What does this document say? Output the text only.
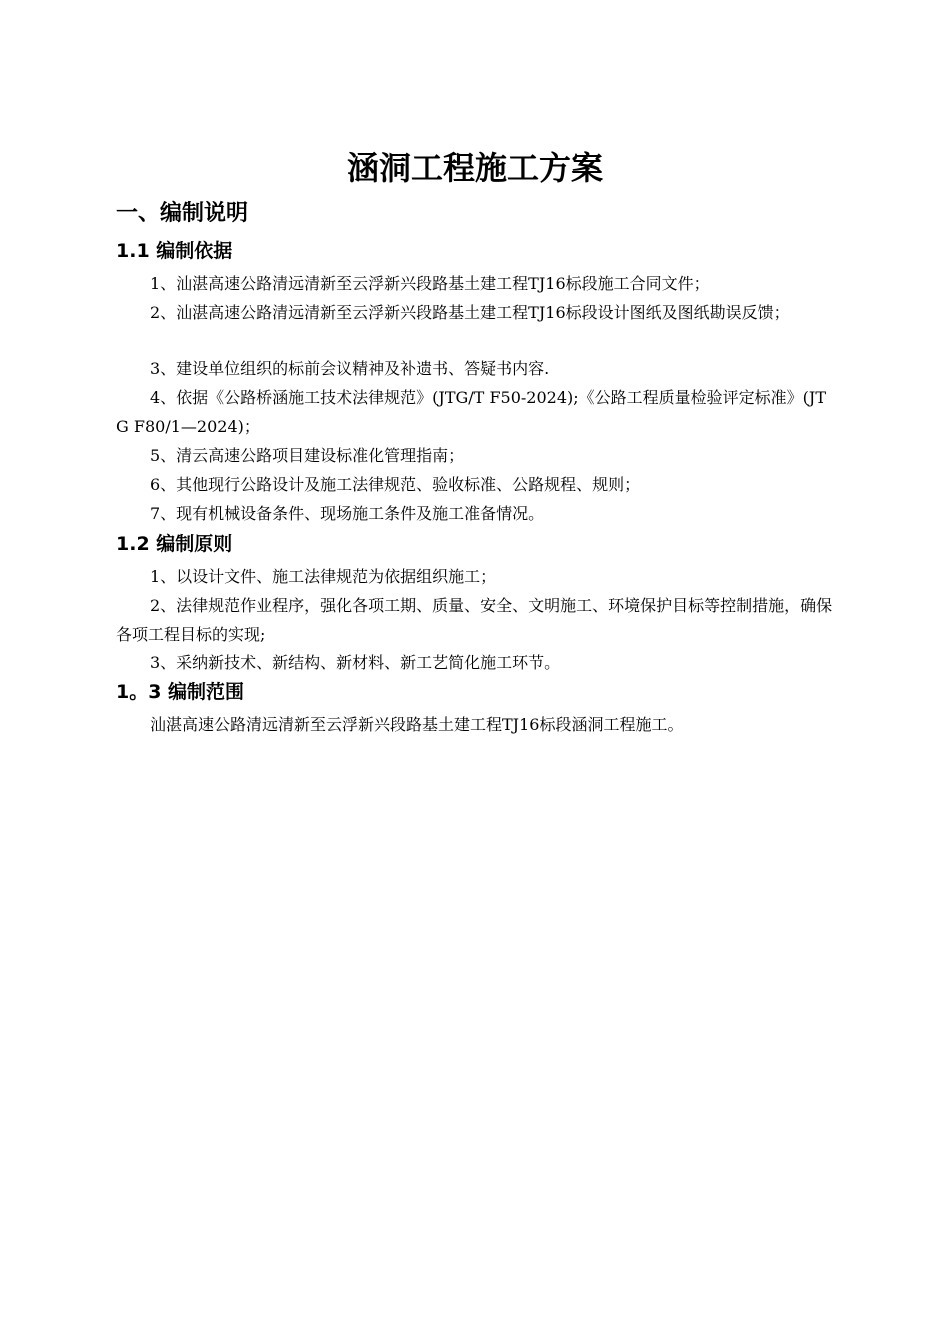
涵洞工程施工方案
一、编制说明
1.1 编制依据

1、汕湛高速公路清远清新至云浮新兴段路基土建工程TJ16标段施工合同文件；

2、汕湛高速公路清远清新至云浮新兴段路基土建工程TJ16标段设计图纸及图纸勘误反馈；

3、建设单位组织的标前会议精神及补遗书、答疑书内容.

4、依据《公路桥涵施工技术法律规范》(JTG/T F50-2024);《公路工程质量检验评定标准》(JTG F80/1—2024)；

5、清云高速公路项目建设标准化管理指南；

6、其他现行公路设计及施工法律规范、验收标准、公路规程、规则；

7、现有机械设备条件、现场施工条件及施工准备情况。

1.2 编制原则

1、以设计文件、施工法律规范为依据组织施工；

2、法律规范作业程序，强化各项工期、质量、安全、文明施工、环境保护目标等控制措施，确保各项工程目标的实现;

3、采纳新技术、新结构、新材料、新工艺简化施工环节。

1。3 编制范围

汕湛高速公路清远清新至云浮新兴段路基土建工程TJ16标段涵洞工程施工。
